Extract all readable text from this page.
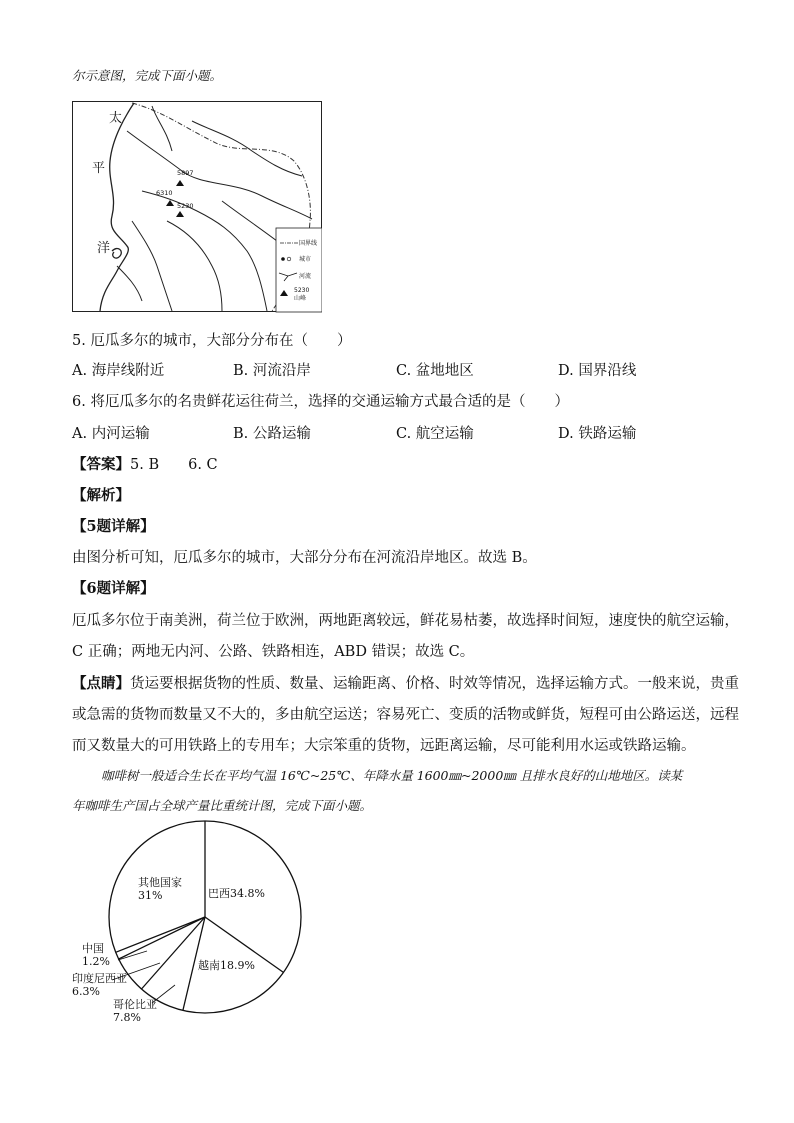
尔示意图，完成下面小题。
5897
6310
5230
太
平
洋	国界线
城市
河流
5230
山峰
5. 厄瓜多尔的城市，大部分分布在（　　）
A. 海岸线附近	B. 河流沿岸	C. 盆地地区	D. 国界沿线
6. 将厄瓜多尔的名贵鲜花运往荷兰，选择的交通运输方式最合适的是（　　）
A. 内河运输	B. 公路运输	C. 航空运输	D. 铁路运输
【答案】5. B　　6. C
【解析】
【5题详解】
由图分析可知，厄瓜多尔的城市，大部分分布在河流沿岸地区。故选 B。
【6题详解】
厄瓜多尔位于南美洲，荷兰位于欧洲，两地距离较远，鲜花易枯萎，故选择时间短，速度快的航空运输，
C 正确；两地无内河、公路、铁路相连，ABD 错误；故选 C。
【点睛】货运要根据货物的性质、数量、运输距离、价格、时效等情况，选择运输方式。一般来说，贵重
或急需的货物而数量又不大的，多由航空运送；容易死亡、变质的活物或鲜货，短程可由公路运送，远程
而又数量大的可用铁路上的专用车；大宗笨重的货物，远距离运输，尽可能利用水运或铁路运输。
咖啡树一般适合生长在平均气温 16℃~25℃、年降水量 1600㎜~2000㎜ 且排水良好的山地地区。读某
年咖啡生产国占全球产量比重统计图，完成下面小题。
其他国家
31%	巴西34.8%
越南18.9%
中国
1.2%
印度尼西亚
6.3%
哥伦比亚
7.8%
